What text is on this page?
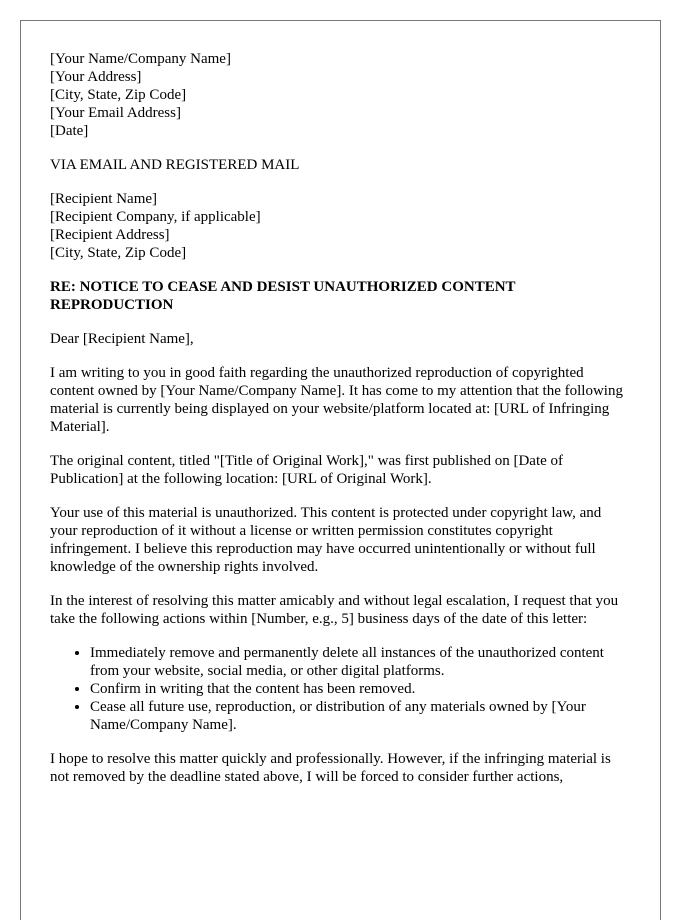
[Your Name/Company Name]
[Your Address]
[City, State, Zip Code]
[Your Email Address]
[Date]
VIA EMAIL AND REGISTERED MAIL
[Recipient Name]
[Recipient Company, if applicable]
[Recipient Address]
[City, State, Zip Code]
RE: NOTICE TO CEASE AND DESIST UNAUTHORIZED CONTENT REPRODUCTION

Dear [Recipient Name],

I am writing to you in good faith regarding the unauthorized reproduction of copyrighted content owned by [Your Name/Company Name]. It has come to my attention that the following material is currently being displayed on your website/platform located at: [URL of Infringing Material].

The original content, titled "[Title of Original Work]," was first published on [Date of Publication] at the following location: [URL of Original Work].

Your use of this material is unauthorized. This content is protected under copyright law, and your reproduction of it without a license or written permission constitutes copyright infringement. I believe this reproduction may have occurred unintentionally or without full knowledge of the ownership rights involved.

In the interest of resolving this matter amicably and without legal escalation, I request that you take the following actions within [Number, e.g., 5] business days of the date of this letter:

• Immediately remove and permanently delete all instances of the unauthorized content from your website, social media, or other digital platforms.
• Confirm in writing that the content has been removed.
• Cease all future use, reproduction, or distribution of any materials owned by [Your Name/Company Name].

I hope to resolve this matter quickly and professionally. However, if the infringing material is not removed by the deadline stated above, I will be forced to consider further actions,
